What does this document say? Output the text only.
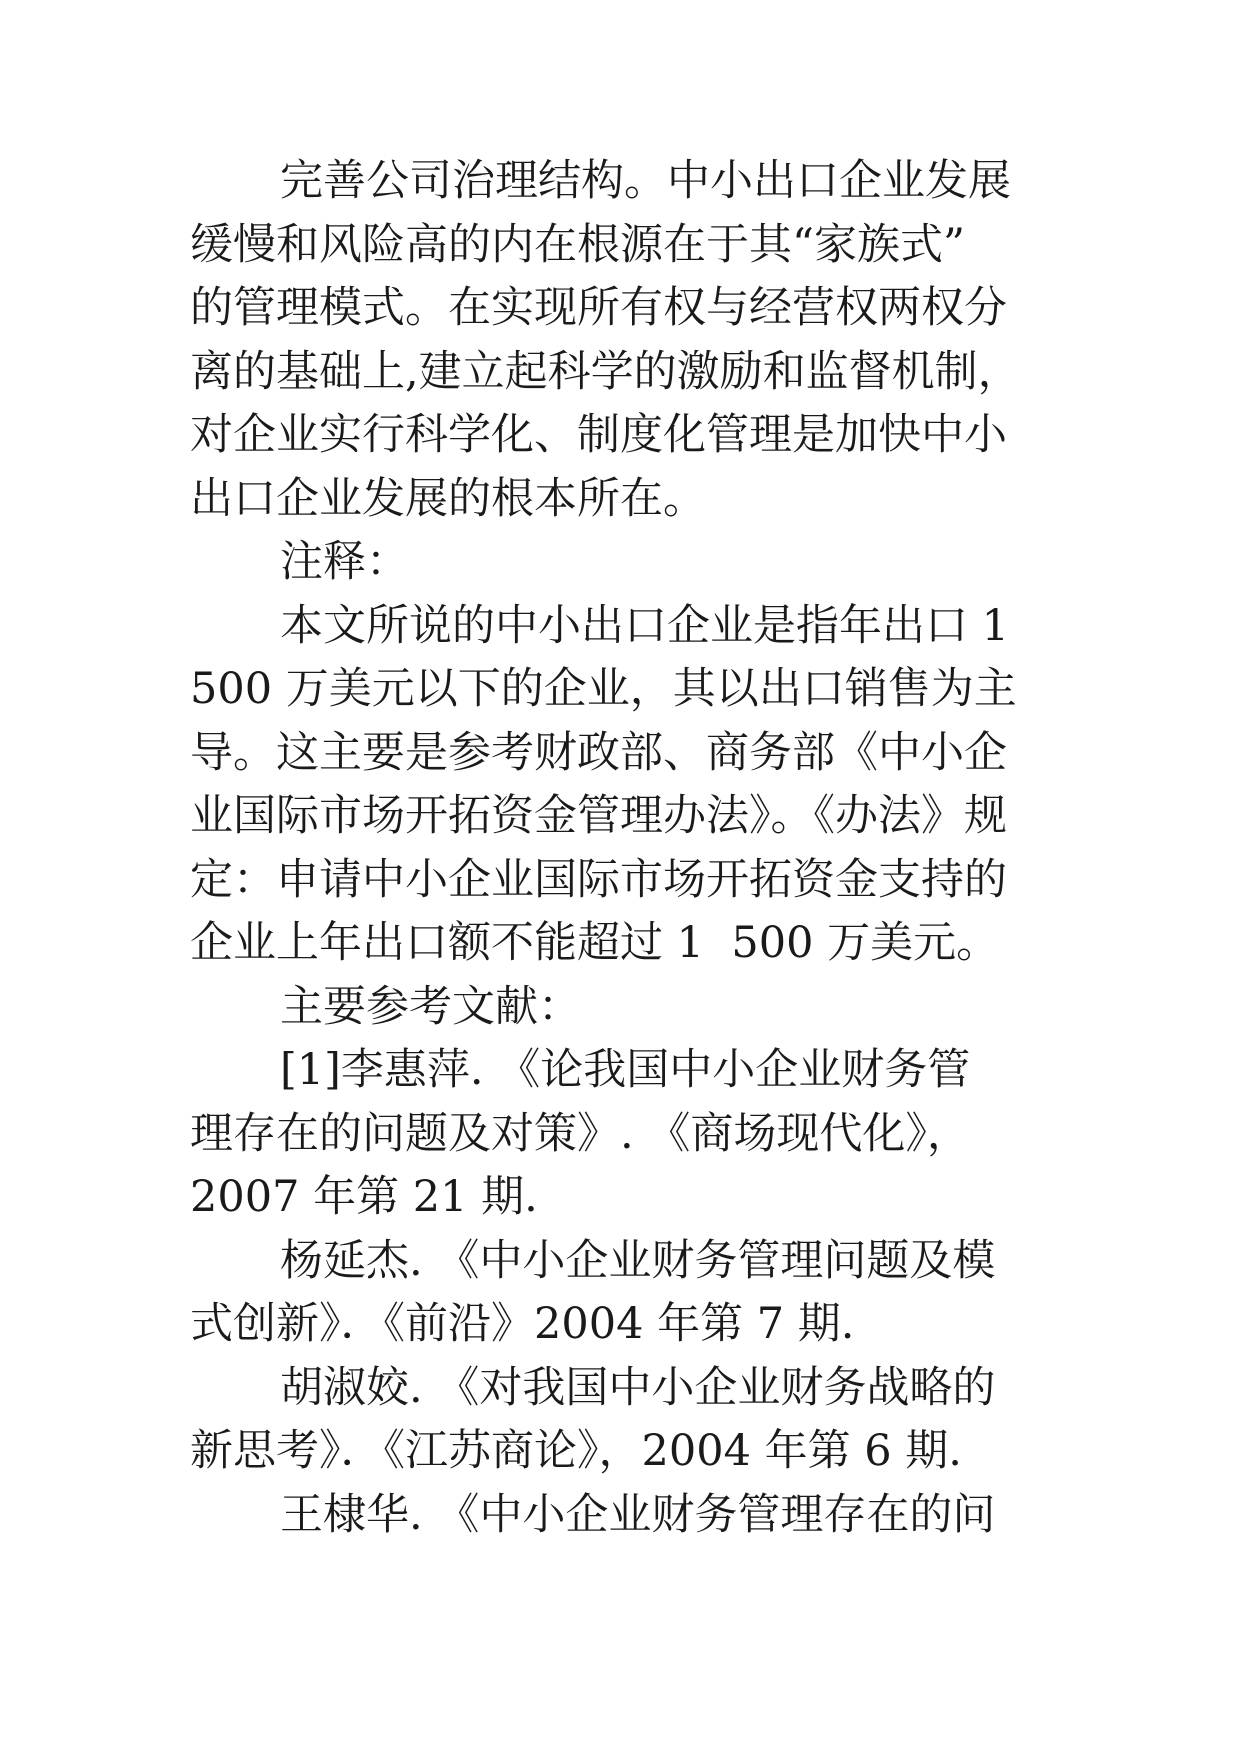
完善公司治理结构。中小出口企业发展
缓慢和风险高的内在根源在于其“家族式”
的管理模式。在实现所有权与经营权两权分
离的基础上,建立起科学的激励和监督机制，
对企业实行科学化、制度化管理是加快中小
出口企业发展的根本所在。
注释：
本文所说的中小出口企业是指年出口 1
500 万美元以下的企业，其以出口销售为主
导。这主要是参考财政部、商务部《中小企
业国际市场开拓资金管理办法》。《办法》规
定：申请中小企业国际市场开拓资金支持的
企业上年出口额不能超过 1  500 万美元。
主要参考文献：
[1]李惠萍. 《论我国中小企业财务管
理存在的问题及对策》. 《商场现代化》，
2007 年第 21 期.
杨延杰. 《中小企业财务管理问题及模
式创新》．《前沿》2004 年第 7 期.
胡淑姣. 《对我国中小企业财务战略的
新思考》．《江苏商论》，2004 年第 6 期.
王棣华. 《中小企业财务管理存在的问
